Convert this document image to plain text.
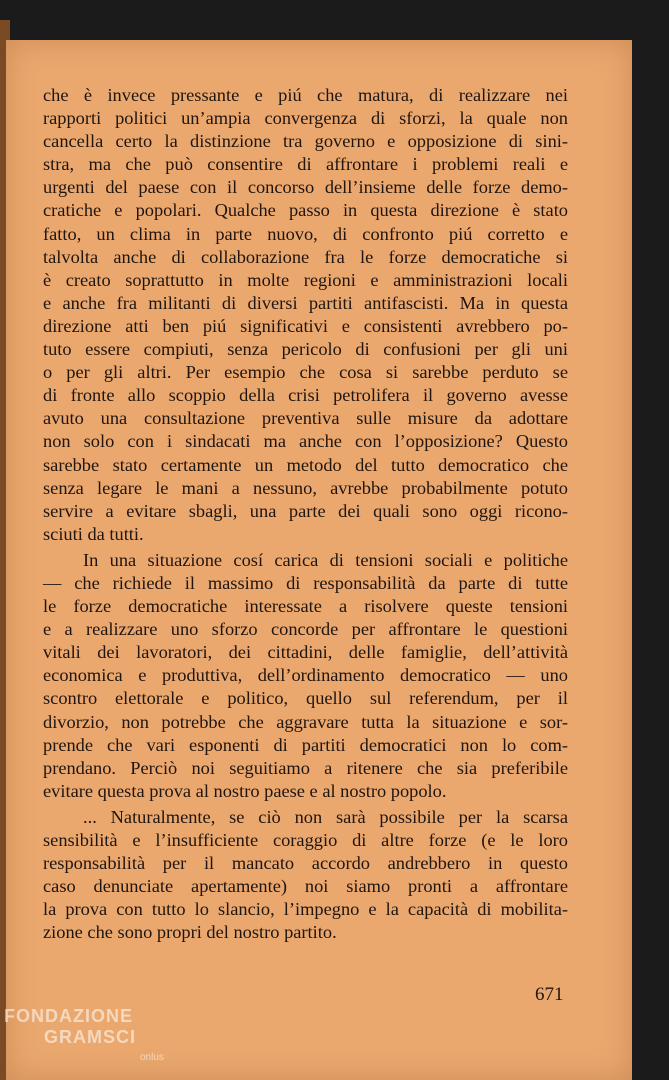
che è invece pressante e piú che matura, di realizzare nei
rapporti politici un’ampia convergenza di sforzi, la quale non
cancella certo la distinzione tra governo e opposizione di sini-
stra, ma che può consentire di affrontare i problemi reali e
urgenti del paese con il concorso dell’insieme delle forze demo-
cratiche e popolari. Qualche passo in questa direzione è stato
fatto, un clima in parte nuovo, di confronto piú corretto e
talvolta anche di collaborazione fra le forze democratiche si
è creato soprattutto in molte regioni e amministrazioni locali
e anche fra militanti di diversi partiti antifascisti. Ma in questa
direzione atti ben piú significativi e consistenti avrebbero po-
tuto essere compiuti, senza pericolo di confusioni per gli uni
o per gli altri. Per esempio che cosa si sarebbe perduto se
di fronte allo scoppio della crisi petrolifera il governo avesse
avuto una consultazione preventiva sulle misure da adottare
non solo con i sindacati ma anche con l’opposizione? Questo
sarebbe stato certamente un metodo del tutto democratico che
senza legare le mani a nessuno, avrebbe probabilmente potuto
servire a evitare sbagli, una parte dei quali sono oggi ricono-
sciuti da tutti.
In una situazione cosí carica di tensioni sociali e politiche
— che richiede il massimo di responsabilità da parte di tutte
le forze democratiche interessate a risolvere queste tensioni
e a realizzare uno sforzo concorde per affrontare le questioni
vitali dei lavoratori, dei cittadini, delle famiglie, dell’attività
economica e produttiva, dell’ordinamento democratico — uno
scontro elettorale e politico, quello sul referendum, per il
divorzio, non potrebbe che aggravare tutta la situazione e sor-
prende che vari esponenti di partiti democratici non lo com-
prendano. Perciò noi seguitiamo a ritenere che sia preferibile
evitare questa prova al nostro paese e al nostro popolo.
... Naturalmente, se ciò non sarà possibile per la scarsa
sensibilità e l’insufficiente coraggio di altre forze (e le loro
responsabilità per il mancato accordo andrebbero in questo
caso denunciate apertamente) noi siamo pronti a affrontare
la prova con tutto lo slancio, l’impegno e la capacità di mobilita-
zione che sono propri del nostro partito.
671
FONDAZIONE
GRAMSCI
onlus
